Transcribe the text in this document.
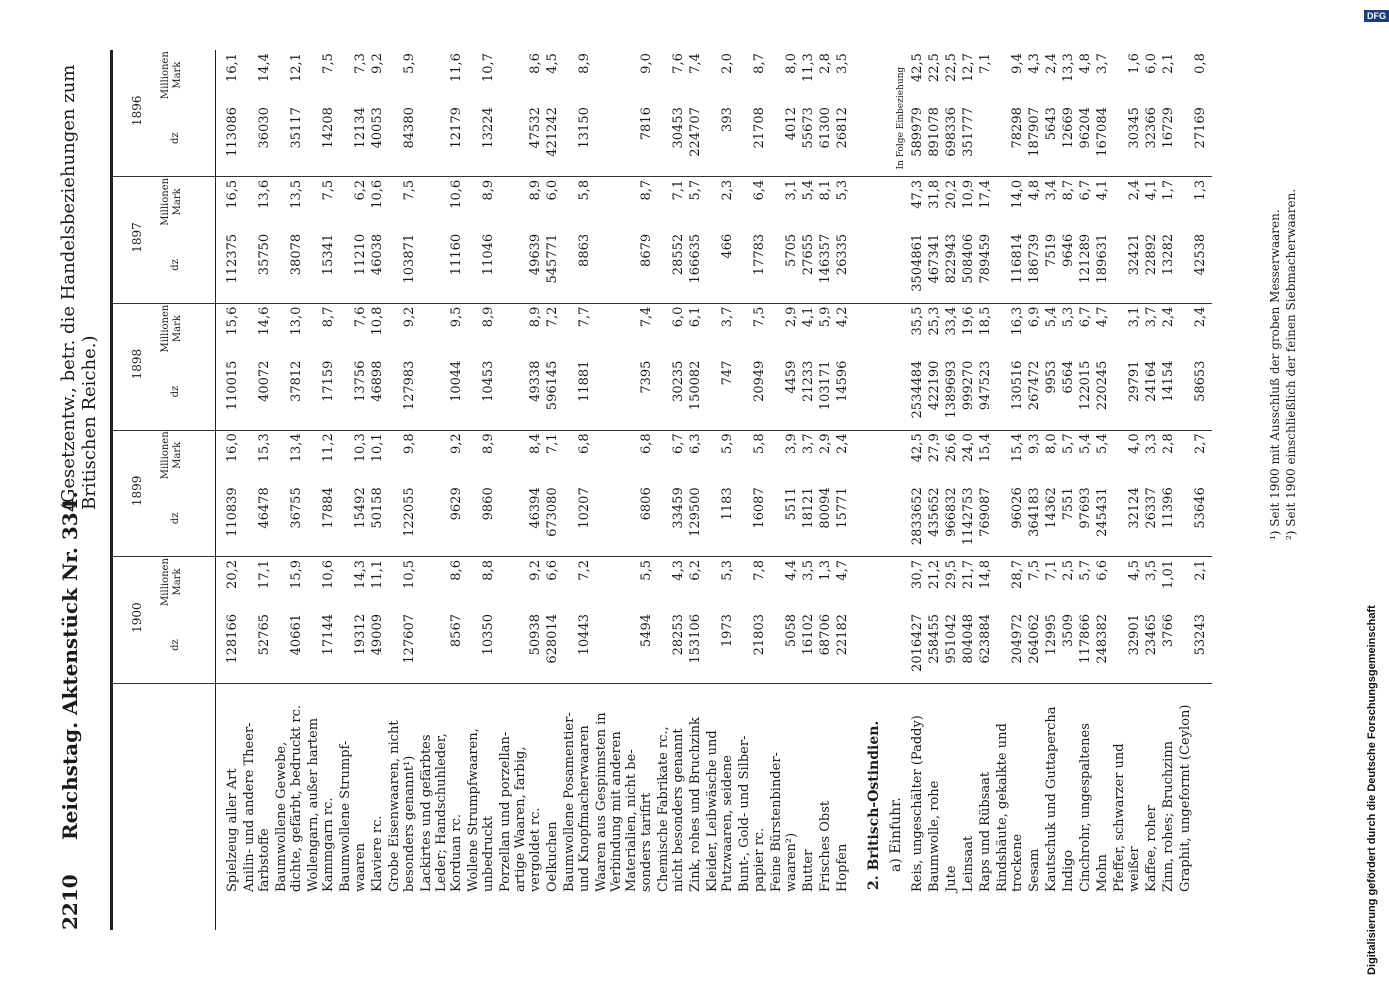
2210
Reichstag.
Aktenstück Nr. 334.
(Gesetzentw., betr. die Handelsbeziehungen zum Britischen Reiche.)
1900
dz
Millionen Mark
1899
dz
Millionen Mark
1898
dz
Millionen Mark
1897
dz
Millionen Mark
1896
dz
Millionen Mark
Spielzeug aller Art
128166
20,2
110839
16,0
110015
15,6
112375
16,5
113086
16,1
Anilin- und andere Theer- farbstoffe
52765
17,1
46478
15,3
40072
14,6
35750
13,6
36030
14,4
Baumwollene Gewebe, dichte, gefärbt, bedruckt rc.
40661
15,9
36755
13,4
37812
13,0
38078
13,5
35117
12,1
Wollengarn, außer hartem Kammgarn rc.
17144
10,6
17884
11,2
17159
8,7
15341
7,5
14208
7,5
Baumwollene Strumpf- waaren
19312
14,3
15492
10,3
13756
7,6
11210
6,2
12134
7,3
Klaviere rc.
49009
11,1
50158
10,1
46898
10,8
46038
10,6
40053
9,2
Grobe Eisenwaaren, nicht besonders genannt¹)
127607
10,5
122055
9,8
127983
9,2
103871
7,5
84380
5,9
Lackirtes und gefärbtes Leder; Handschuhleder, Korduan rc.
8567
8,6
9629
9,2
10044
9,5
11160
10,6
12179
11,6
Wollene Strumpfwaaren, unbedruckt
10350
8,8
9860
8,9
10453
8,9
11046
8,9
13224
10,7
Porzellan und porzellan- artige Waaren, farbig, vergoldet rc.
50938
9,2
46394
8,4
49338
8,9
49639
8,9
47532
8,6
Oelkuchen
628014
6,6
673080
7,1
596145
7,2
545771
6,0
421242
4,5
Baumwollene Posamentier- und Knopfmacherwaaren
10443
7,2
10207
6,8
11881
7,7
8863
5,8
13150
8,9
Waaren aus Gespinnsten in Verbindung mit anderen Materialien, nicht be- sonders tarifirt
5494
5,5
6806
6,8
7395
7,4
8679
8,7
7816
9,0
Chemische Fabrikate rc., nicht besonders genannt
28253
4,3
33459
6,7
30235
6,0
28552
7,1
30453
7,6
Zink, rohes und Bruchzink
153106
6,2
129500
6,3
150082
6,1
166635
5,7
224707
7,4
Kleider, Leibwäsche und Putzwaaren, seidene
1973
5,3
1183
5,9
747
3,7
466
2,3
393
2,0
Bunt-, Gold- und Silber- papier rc.
21803
7,8
16087
5,8
20949
7,5
17783
6,4
21708
8,7
Feine Bürstenbinder- waaren²)
5058
4,4
5511
3,9
4459
2,9
5705
3,1
4012
8,0
Butter
16102
3,5
18121
3,7
21233
4,1
27655
5,4
55673
11,3
Frisches Obst
68706
1,3
80094
2,9
103171
5,9
146357
8,1
61300
2,8
Hopfen
22182
4,7
15771
2,4
14596
4,2
26335
5,3
26812
3,5
Reis, ungeschälter (Paddy)
2016427
30,7
2833652
42,5
2534484
35,5
3504861
47,3
589979
42,5
Baumwolle, rohe
258455
21,2
435652
27,9
422190
25,3
467341
31,8
891078
22,5
Jute
951042
29,5
966832
26,6
1389693
33,4
822943
20,2
698336
22,5
Leinsaat
804048
21,7
1142753
24,0
999270
19,6
508406
10,9
351777
12,7
Raps und Rübsaat
623884
14,8
769087
15,4
947523
18,5
789459
17,4
7,1
Rindshäute, gekalkte und trockene
204972
28,7
96026
15,4
130516
16,3
116814
14,0
78298
9,4
Sesam
264062
7,5
364183
9,3
267472
6,9
186739
4,8
187907
4,3
Kautschuk und Guttapercha
12995
7,1
14362
8,0
9953
5,4
7519
3,4
5643
2,4
Indigo
3509
2,5
7551
5,7
6564
5,3
9646
8,7
12669
13,3
Cinchrohr, ungespaltenes
117866
5,7
97693
5,4
122015
6,7
121289
6,7
96204
4,8
Mohn
248382
6,6
245431
5,4
220245
4,7
189631
4,1
167084
3,7
Pfeffer, schwarzer und weißer
32901
4,5
32124
4,0
29791
3,1
32421
2,4
30345
1,6
Kaffee, roher
23465
3,5
26337
3,3
24164
3,7
22892
4,1
32366
6,0
Zinn, rohes; Bruchzinn
3766
1,01
11396
2,8
14154
2,4
13282
1,7
16729
2,1
Graphit, ungeformt (Ceylon)
53243
2,1
53646
2,7
58653
2,4
42538
1,3
27169
0,8
2. Britisch-Ostindien. a) Einfuhr.
In Folge Einbeziehung
¹) Seit 1900 mit Ausschluß der groben Messerwaaren. ²) Seit 1900 einschließlich der feinen Siebmacherwaaren.
Digitalisierung gefördert durch die Deutsche Forschungsgemeinschaft
DFG
